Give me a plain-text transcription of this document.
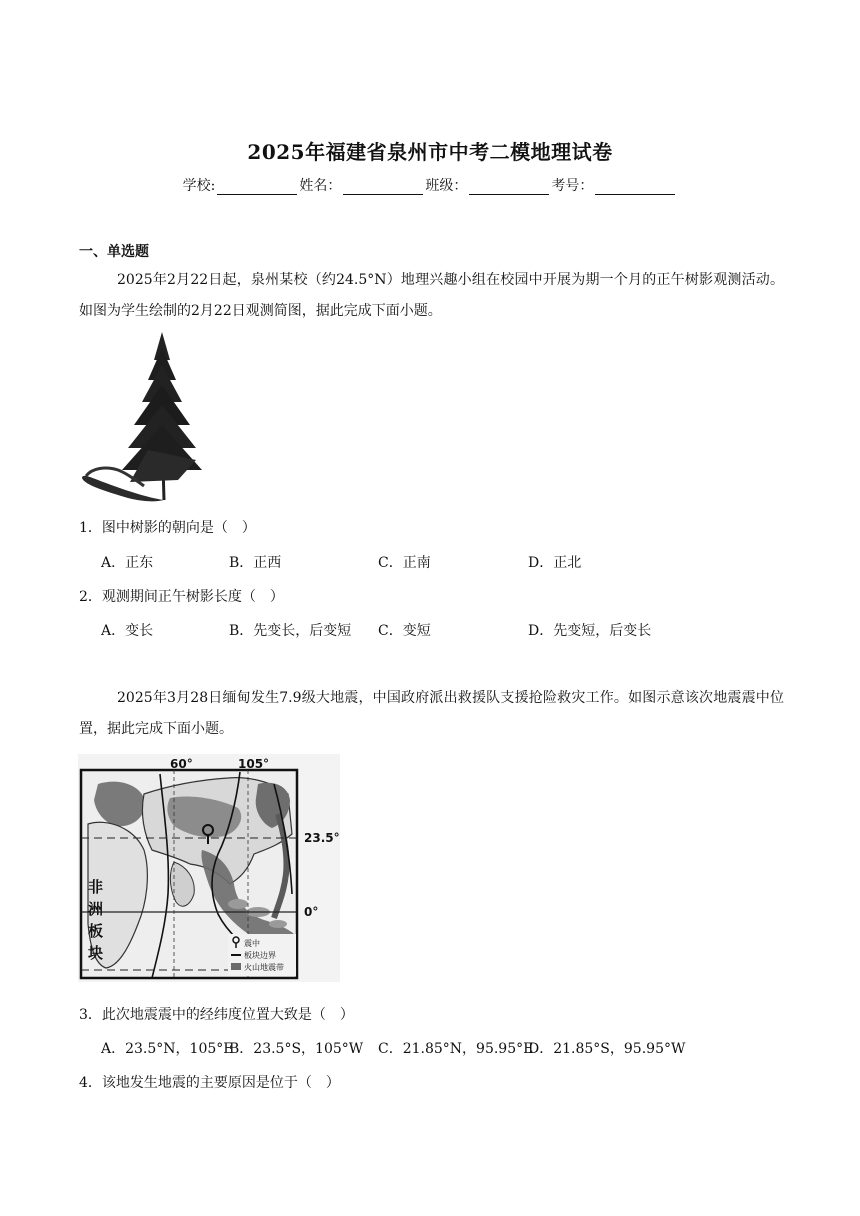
2025年福建省泉州市中考二模地理试卷
学校:	姓名：	班级：	考号：
一、单选题
2025年2月22日起，泉州某校（约24.5°N）地理兴趣小组在校园中开展为期一个月的正午树影观测活动。如图为学生绘制的2月22日观测简图，据此完成下面小题。
1．图中树影的朝向是（　）
A．正东	B．正西	C．正南	D．正北
2．观测期间正午树影长度（　）
A．变长	B．先变长，后变短 C．变短	D．先变短，后变长
2025年3月28日缅甸发生7.9级大地震，中国政府派出救援队支援抢险救灾工作。如图示意该次地震震中位置，据此完成下面小题。
60°	105°
23.5°
0°
非
洲
板
块
震中
板块边界
火山地震带
3．此次地震震中的经纬度位置大致是（　）
A．23.5°N，105°E
B．23.5°S，105°W C．21.85°N，95.95°E
D．21.85°S，95.95°W
4．该地发生地震的主要原因是位于（　）
